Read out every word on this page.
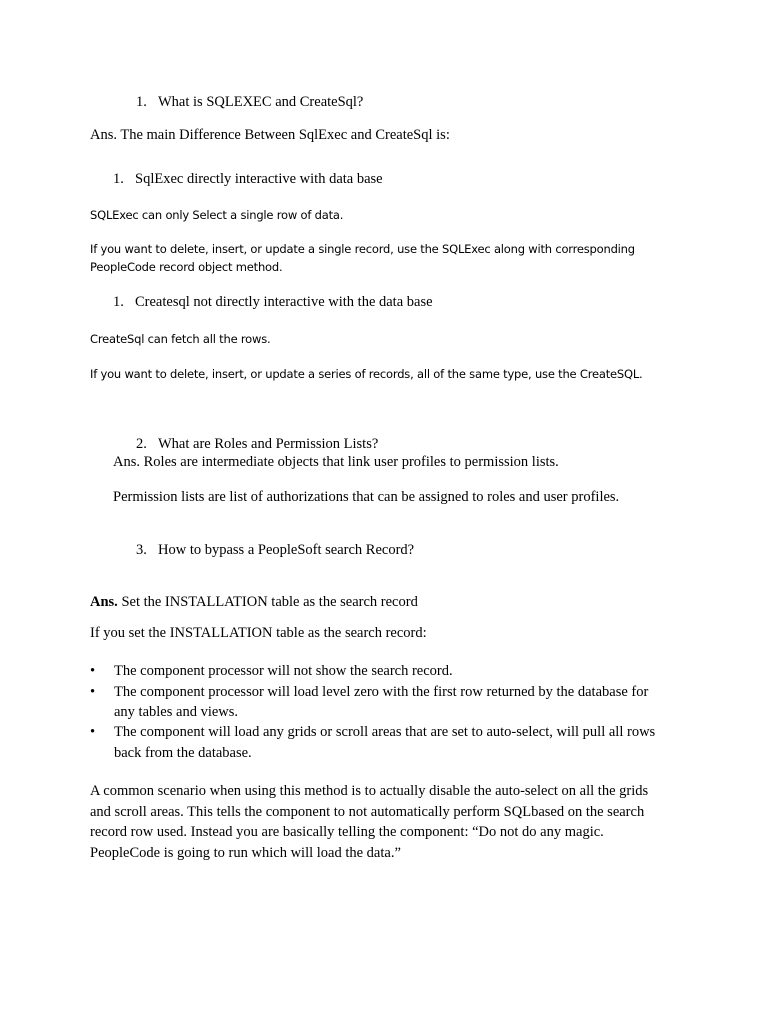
1. What is SQLEXEC and CreateSql?

Ans. The main Difference Between SqlExec and CreateSql is:

1. SqlExec directly interactive with data base

SQLExec can only Select a single row of data.

If you want to delete, insert, or update a single record, use the SQLExec along with corresponding

PeopleCode record object method.

1. Createsql not directly interactive with the data base

CreateSql can fetch all the rows.

If you want to delete, insert, or update a series of records, all of the same type, use the CreateSQL.

2. What are Roles and Permission Lists?

Ans. Roles are intermediate objects that link user profiles to permission lists.

Permission lists are list of authorizations that can be assigned to roles and user profiles.

3. How to bypass a PeopleSoft search Record?

Ans. Set the INSTALLATION table as the search record

If you set the INSTALLATION table as the search record:

• The component processor will not show the search record.

• The component processor will load level zero with the first row returned by the database for

any tables and views.

• The component will load any grids or scroll areas that are set to auto-select, will pull all rows

back from the database.

A common scenario when using this method is to actually disable the auto-select on all the grids

and scroll areas. This tells the component to not automatically perform SQLbased on the search

record row used. Instead you are basically telling the component: “Do not do any magic.

PeopleCode is going to run which will load the data.”
